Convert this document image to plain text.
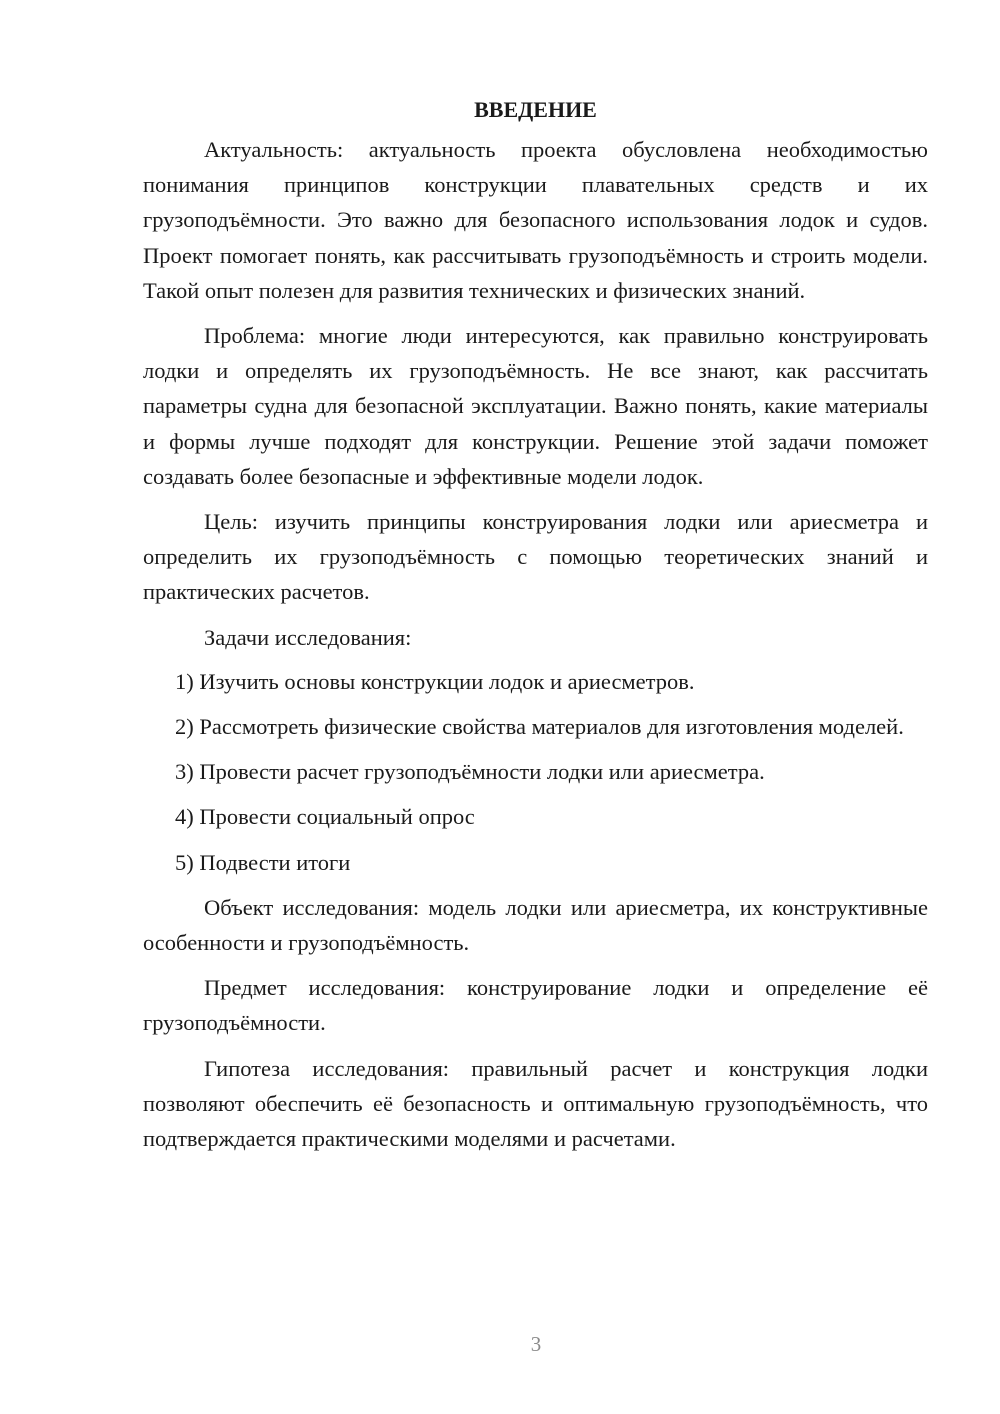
ВВЕДЕНИЕ

Актуальность: актуальность проекта обусловлена необходимостью понимания принципов конструкции плавательных средств и их грузоподъёмности. Это важно для безопасного использования лодок и судов. Проект помогает понять, как рассчитывать грузоподъёмность и строить модели. Такой опыт полезен для развития технических и физических знаний.

Проблема: многие люди интересуются, как правильно конструировать лодки и определять их грузоподъёмность. Не все знают, как рассчитать параметры судна для безопасной эксплуатации. Важно понять, какие материалы и формы лучше подходят для конструкции. Решение этой задачи поможет создавать более безопасные и эффективные модели лодок.

Цель: изучить принципы конструирования лодки или ариесметра и определить их грузоподъёмность с помощью теоретических знаний и практических расчетов.

Задачи исследования:

1) Изучить основы конструкции лодок и ариесметров.

2) Рассмотреть физические свойства материалов для изготовления моделей.

3) Провести расчет грузоподъёмности лодки или ариесметра.

4) Провести социальный опрос

5) Подвести итоги

Объект исследования: модель лодки или ариесметра, их конструктивные особенности и грузоподъёмность.

Предмет исследования: конструирование лодки и определение её грузоподъёмности.

Гипотеза исследования: правильный расчет и конструкция лодки позволяют обеспечить её безопасность и оптимальную грузоподъёмность, что подтверждается практическими моделями и расчетами.

3
